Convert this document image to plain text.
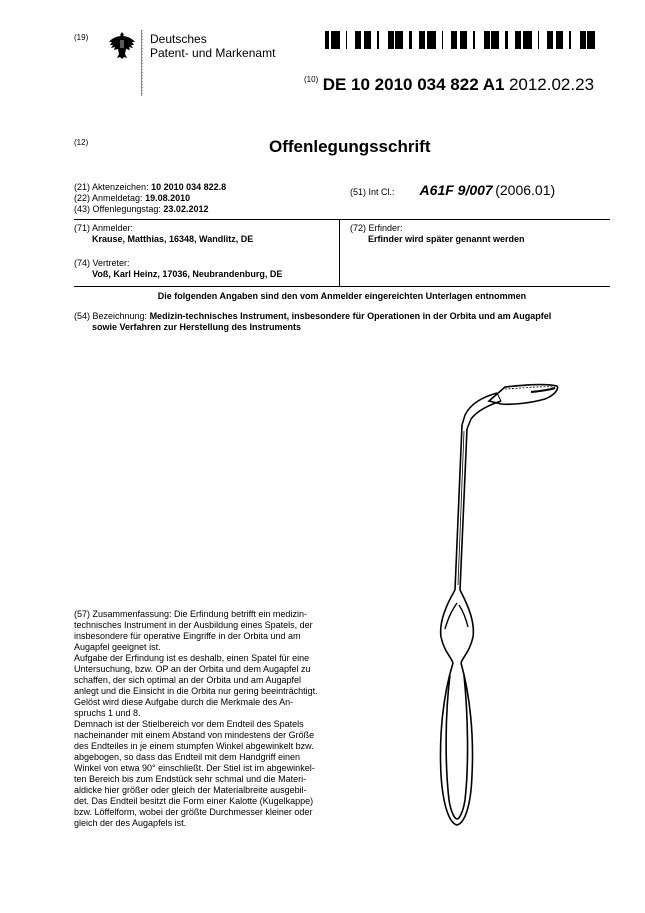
(19)	Deutsches
Patent- und Markenamt
$^{(10)}$ DE 10 2010 034 822 A1 2012.02.23
(12)	Offenlegungsschrift
(21) Aktenzeichen: 10 2010 034 822.8
(22) Anmeldetag: 19.08.2010
(43) Offenlegungstag: 23.02.2012
(51) Int Cl.: A61F 9/007 (2006.01)
(71) Anmelder:
Krause, Matthias, 16348, Wandlitz, DE
(74) Vertreter:
Voß, Karl Heinz, 17036, Neubrandenburg, DE
(72) Erfinder:
Erfinder wird später genannt werden
Die folgenden Angaben sind den vom Anmelder eingereichten Unterlagen entnommen
(54) Bezeichnung: Medizin-technisches Instrument, insbesondere für Operationen in der Orbita und am Augapfel
sowie Verfahren zur Herstellung des Instruments

(57) Zusammenfassung: Die Erfindung betrifft ein medizin-

technisches Instrument in der Ausbildung eines Spatels, der

insbesondere für operative Eingriffe in der Orbita und am

Augapfel geeignet ist.

Aufgabe der Erfindung ist es deshalb, einen Spatel für eine

Untersuchung, bzw. OP an der Orbita und dem Augapfel zu

schaffen, der sich optimal an der Orbita und am Augapfel

anlegt und die Einsicht in die Orbita nur gering beeinträchtigt.

Gelöst wird diese Aufgabe durch die Merkmale des An-

spruchs 1 und 8.

Demnach ist der Stielbereich vor dem Endteil des Spatels

nacheinander mit einem Abstand von mindestens der Größe

des Endteiles in je einem stumpfen Winkel abgewinkelt bzw.

abgebogen, so dass das Endteil mit dem Handgriff einen

Winkel von etwa 90° einschließt. Der Stiel ist im abgewinkel-

ten Bereich bis zum Endstück sehr schmal und die Materi-

aldicke hier größer oder gleich der Materialbreite ausgebil-

det. Das Endteil besitzt die Form einer Kalotte (Kugelkappe)

bzw. Löffelform, wobei der größte Durchmesser kleiner oder

gleich der des Augapfels ist.
